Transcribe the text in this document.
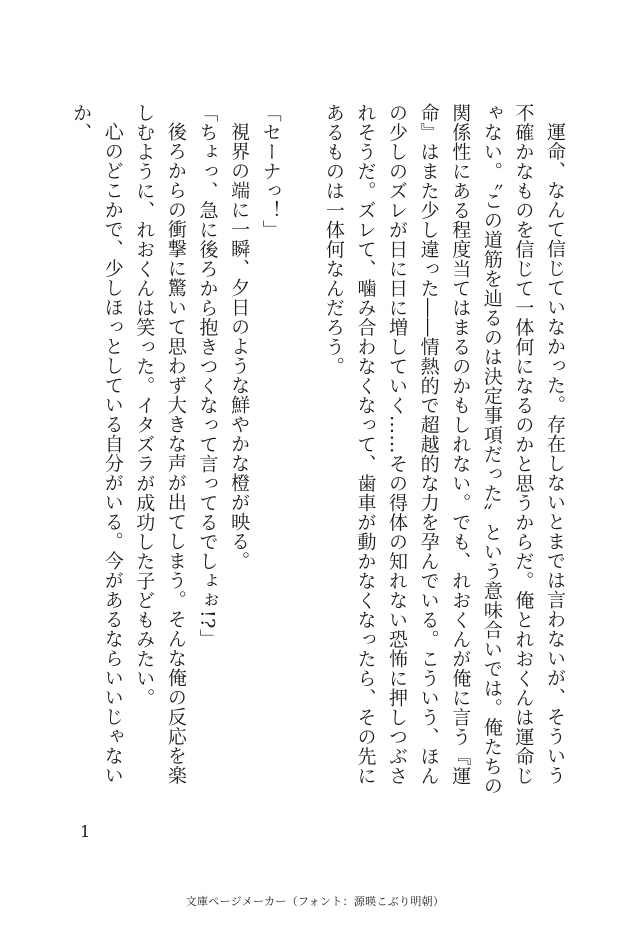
運命、なんて信じていなかった。存在しないとまでは言わないが、そういう不確かなものを信じて一体何になるのかと思うからだ。俺とれおくんは運命じゃない。〝この道筋を辿るのは決定事項だった〟という意味合いでは。俺たちの関係性にある程度当てはまるのかもしれない。でも、れおくんが俺に言う『運命』はまた少し違った――情熱的で超越的な力を孕んでいる。こういう、ほんの少しのズレが日に日に増していく……その得体の知れない恐怖に押しつぶされそうだ。ズレて、噛み合わなくなって、歯車が動かなくなったら、その先にあるものは一体何なんだろう。

「セーナっ！」

視界の端に一瞬、夕日のような鮮やかな橙が映る。

「ちょっ、急に後ろから抱きつくなって言ってるでしょぉ!?」

後ろからの衝撃に驚いて思わず大きな声が出てしまう。そんな俺の反応を楽しむように、れおくんは笑った。イタズラが成功した子どもみたい。

心のどこかで、少しほっとしている自分がいる。今があるならいいじゃないか、

1
文庫ページメーカー（フォント：源暎こぶり明朝）
